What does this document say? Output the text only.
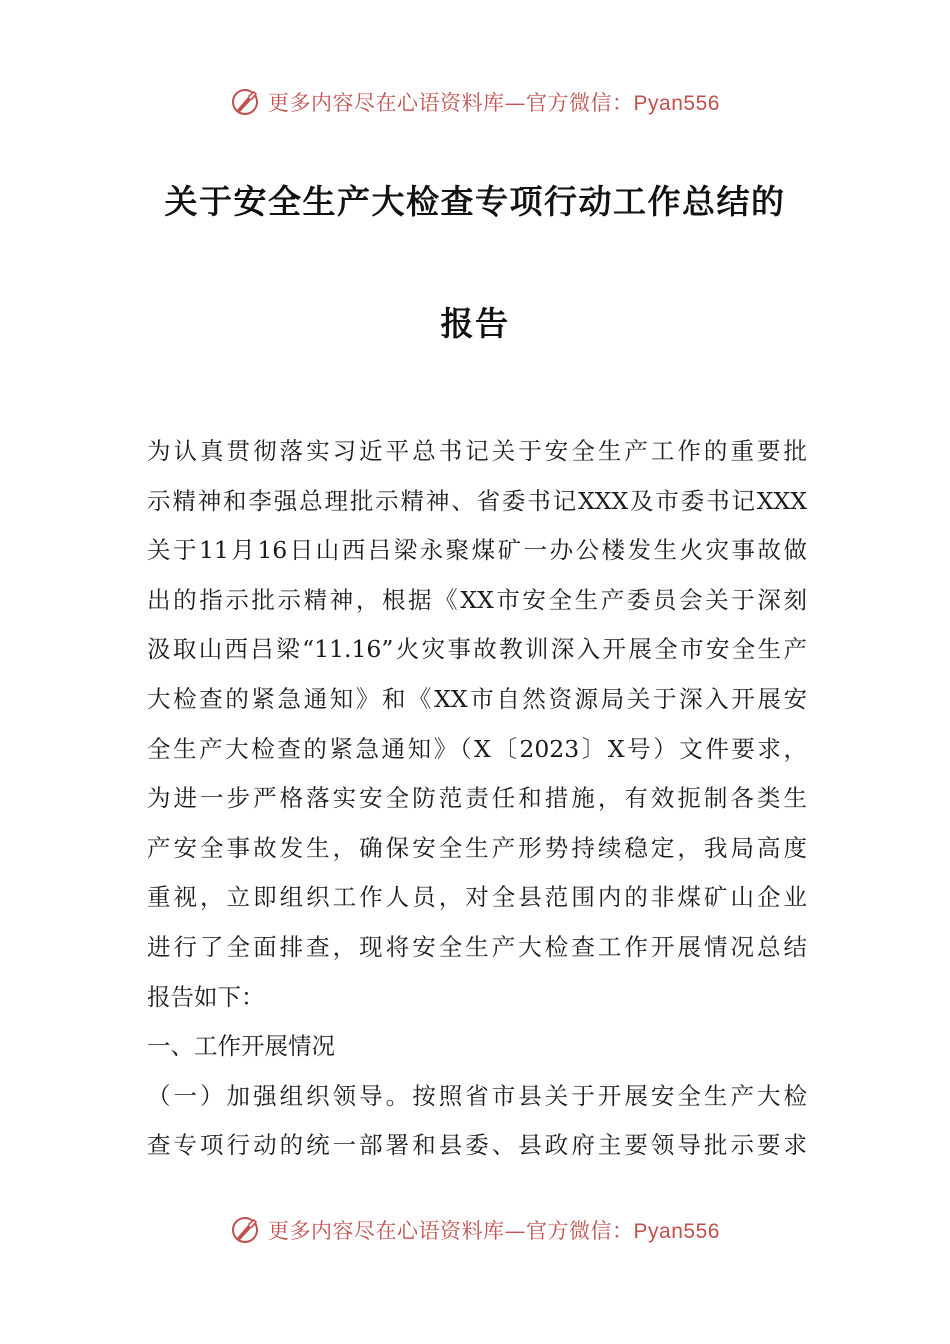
更多内容尽在心语资料库—官方微信：Pyan556
关于安全生产大检查专项行动工作总结的
报告
为认真贯彻落实习近平总书记关于安全生产工作的重要批
示精神和李强总理批示精神、省委书记XXX及市委书记XXX
关于11月16日山西吕梁永聚煤矿一办公楼发生火灾事故做
出的指示批示精神，根据《XX市安全生产委员会关于深刻
汲取山西吕梁“11.16”火灾事故教训深入开展全市安全生产
大检查的紧急通知》和《XX市自然资源局关于深入开展安
全生产大检查的紧急通知》（X〔2023〕X号）文件要求，
为进一步严格落实安全防范责任和措施，有效扼制各类生
产安全事故发生，确保安全生产形势持续稳定，我局高度
重视，立即组织工作人员，对全县范围内的非煤矿山企业
进行了全面排查，现将安全生产大检查工作开展情况总结
报告如下：
一、工作开展情况
（一）加强组织领导。按照省市县关于开展安全生产大检
查专项行动的统一部署和县委、县政府主要领导批示要求
更多内容尽在心语资料库—官方微信：Pyan556
